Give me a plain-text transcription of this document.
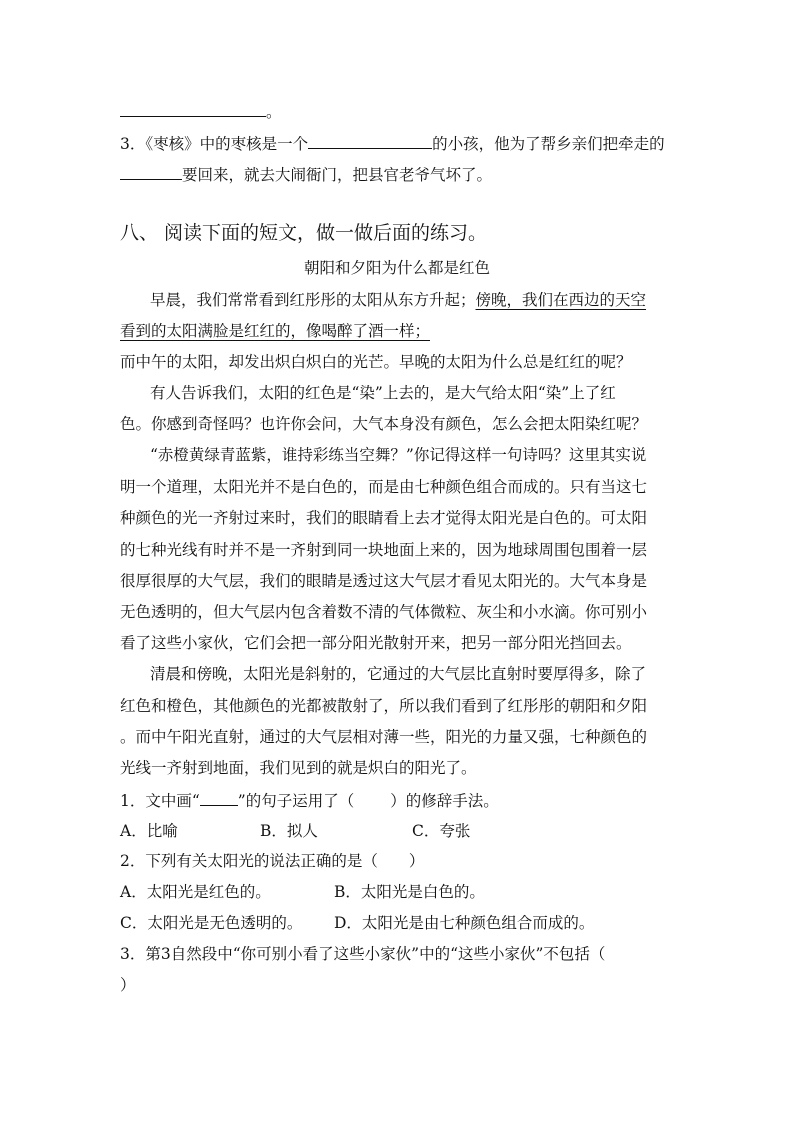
。
3．《枣核》中的枣核是一个	的小孩，他为了帮乡亲们把牵走的
要回来，就去大闹衙门，把县官老爷气坏了。
八、 阅读下面的短文，做一做后面的练习。
朝阳和夕阳为什么都是红色
早晨，我们常常看到红彤彤的太阳从东方升起；傍晚，我们在西边的天空
看到的太阳满脸是红红的，像喝醉了酒一样；
而中午的太阳，却发出炽白炽白的光芒。早晚的太阳为什么总是红红的呢？
有人告诉我们，太阳的红色是“染”上去的，是大气给太阳“染”上了红
色。你感到奇怪吗？也许你会问，大气本身没有颜色，怎么会把太阳染红呢？
“赤橙黄绿青蓝紫，谁持彩练当空舞？”你记得这样一句诗吗？这里其实说
明一个道理，太阳光并不是白色的，而是由七种颜色组合而成的。只有当这七
种颜色的光一齐射过来时，我们的眼睛看上去才觉得太阳光是白色的。可太阳
的七种光线有时并不是一齐射到同一块地面上来的，因为地球周围包围着一层
很厚很厚的大气层，我们的眼睛是透过这大气层才看见太阳光的。大气本身是
无色透明的，但大气层内包含着数不清的气体微粒、灰尘和小水滴。你可别小
看了这些小家伙，它们会把一部分阳光散射开来，把另一部分阳光挡回去。
清晨和傍晚，太阳光是斜射的，它通过的大气层比直射时要厚得多，除了
红色和橙色，其他颜色的光都被散射了，所以我们看到了红彤彤的朝阳和夕阳
。而中午阳光直射，通过的大气层相对薄一些，阳光的力量又强，七种颜色的
光线一齐射到地面，我们见到的就是炽白的阳光了。
1．文中画“ ”的句子运用了（ ）的修辞手法。
A．比喻	B．拟人	C．夸张
2．下列有关太阳光的说法正确的是（　　）
A．太阳光是红色的。	B．太阳光是白色的。
C．太阳光是无色透明的。 D．太阳光是由七种颜色组合而成的。
3．第3自然段中“你可别小看了这些小家伙”中的“这些小家伙”不包括（
）
